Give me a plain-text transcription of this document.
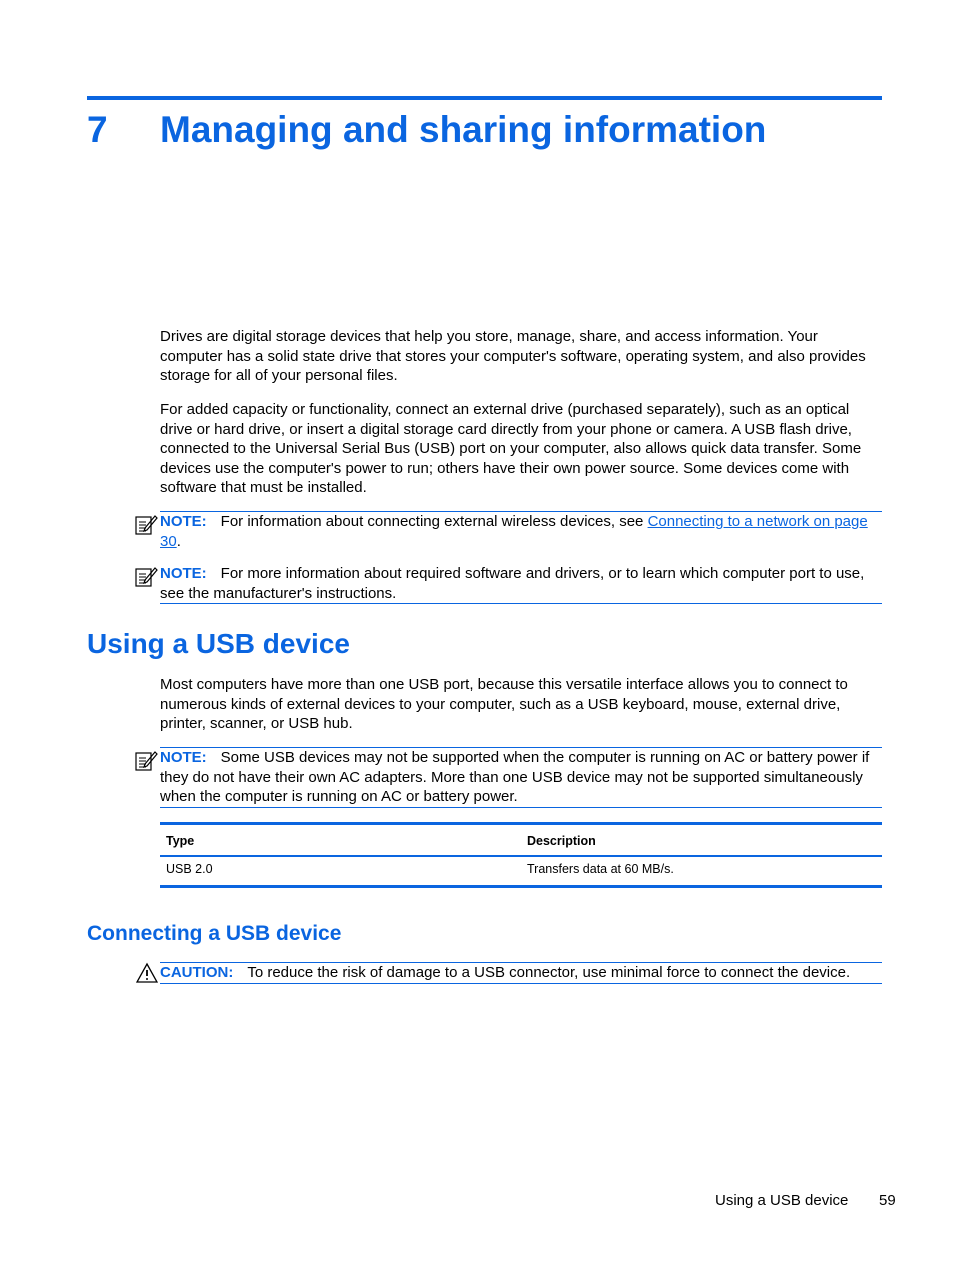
7 Managing and sharing information
Drives are digital storage devices that help you store, manage, share, and access information. Your computer has a solid state drive that stores your computer's software, operating system, and also provides storage for all of your personal files.
For added capacity or functionality, connect an external drive (purchased separately), such as an optical drive or hard drive, or insert a digital storage card directly from your phone or camera. A USB flash drive, connected to the Universal Serial Bus (USB) port on your computer, also allows quick data transfer. Some devices use the computer's power to run; others have their own power source. Some devices come with software that must be installed.
NOTE: For information about connecting external wireless devices, see Connecting to a network on page 30.
NOTE: For more information about required software and drivers, or to learn which computer port to use, see the manufacturer's instructions.
Using a USB device
Most computers have more than one USB port, because this versatile interface allows you to connect to numerous kinds of external devices to your computer, such as a USB keyboard, mouse, external drive, printer, scanner, or USB hub.
NOTE: Some USB devices may not be supported when the computer is running on AC or battery power if they do not have their own AC adapters. More than one USB device may not be supported simultaneously when the computer is running on AC or battery power.
Type	Description
USB 2.0	Transfers data at 60 MB/s.
Connecting a USB device
CAUTION: To reduce the risk of damage to a USB connector, use minimal force to connect the device.
Using a USB device 59
